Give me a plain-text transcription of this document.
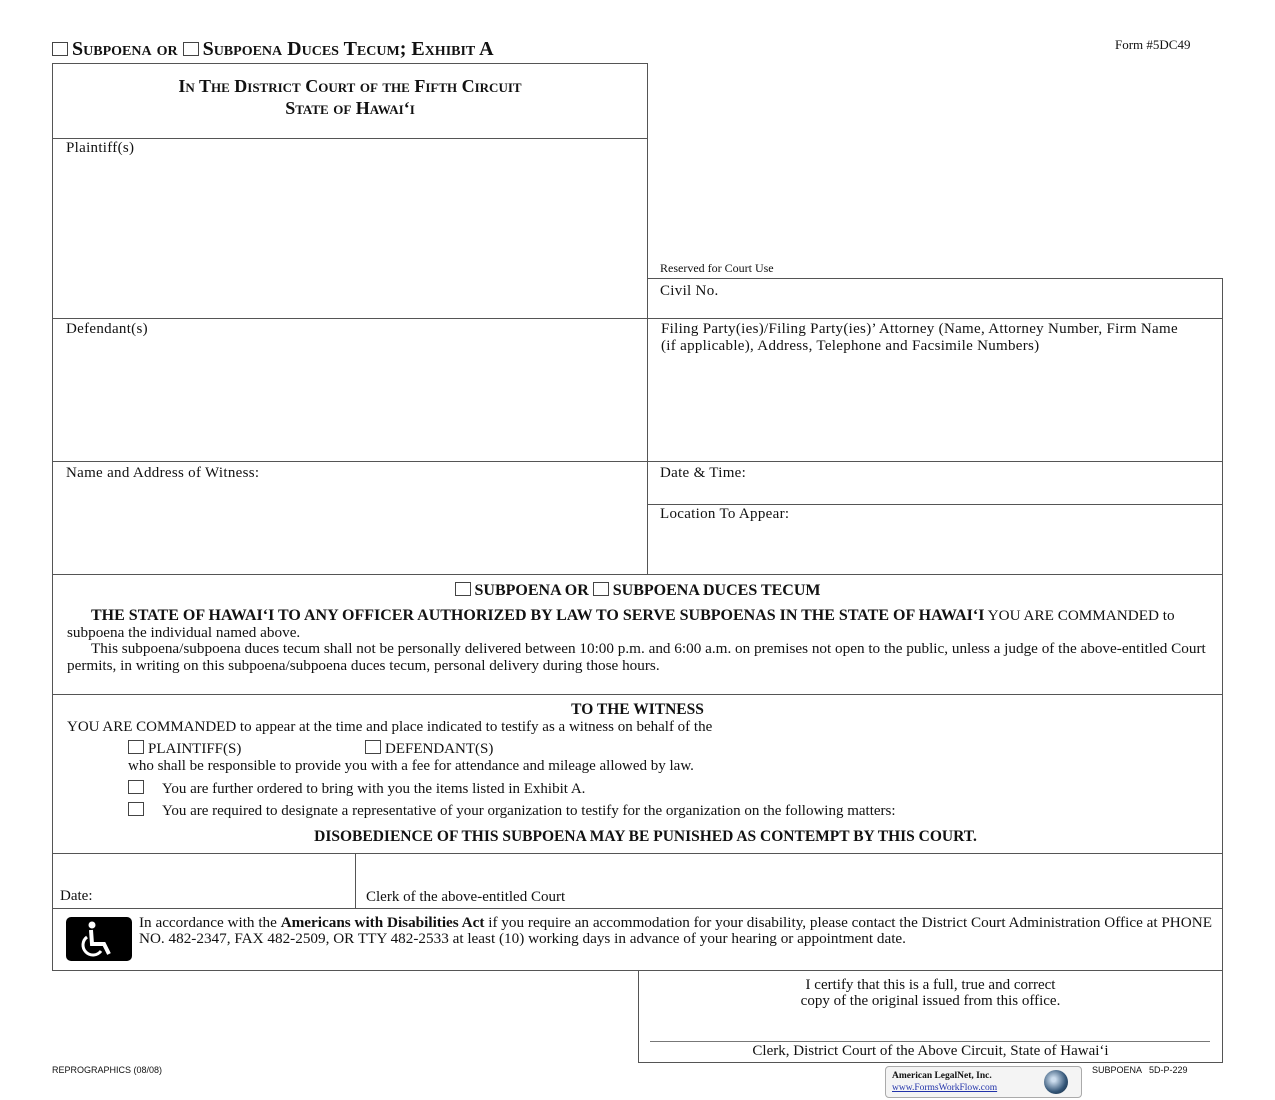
Subpoena or Subpoena Duces Tecum; Exhibit A	Form #5DC49
In The District Court of the Fifth Circuit
State of Hawai‘i
Plaintiff(s)
Reserved for Court Use
Civil No.
Defendant(s)	Filing Party(ies)/Filing Party(ies)’ Attorney (Name, Attorney Number, Firm Name (if applicable), Address, Telephone and Facsimile Numbers)
Name and Address of Witness:	Date & Time:
Location To Appear:
SUBPOENA OR SUBPOENA DUCES TECUM
THE STATE OF HAWAI‘I TO ANY OFFICER AUTHORIZED BY LAW TO SERVE SUBPOENAS IN THE STATE OF HAWAI‘I YOU ARE COMMANDED to subpoena the individual named above.
This subpoena/subpoena duces tecum shall not be personally delivered between 10:00 p.m. and 6:00 a.m. on premises not open to the public, unless a judge of the above-entitled Court permits, in writing on this subpoena/subpoena duces tecum, personal delivery during those hours.
TO THE WITNESS
YOU ARE COMMANDED to appear at the time and place indicated to testify as a witness on behalf of the
PLAINTIFF(S)	DEFENDANT(S)
who shall be responsible to provide you with a fee for attendance and mileage allowed by law.
You are further ordered to bring with you the items listed in Exhibit A.
You are required to designate a representative of your organization to testify for the organization on the following matters:
DISOBEDIENCE OF THIS SUBPOENA MAY BE PUNISHED AS CONTEMPT BY THIS COURT.
Date:	Clerk of the above-entitled Court
In accordance with the Americans with Disabilities Act if you require an accommodation for your disability, please contact the District Court Administration Office at PHONE NO. 482-2347, FAX 482-2509, OR TTY 482-2533 at least (10) working days in advance of your hearing or appointment date.
I certify that this is a full, true and correct
copy of the original issued from this office.
Clerk, District Court of the Above Circuit, State of Hawai‘i
REPROGRAPHICS (08/08)	SUBPOENA   5D-P-229
American LegalNet, Inc.
www.FormsWorkFlow.com
